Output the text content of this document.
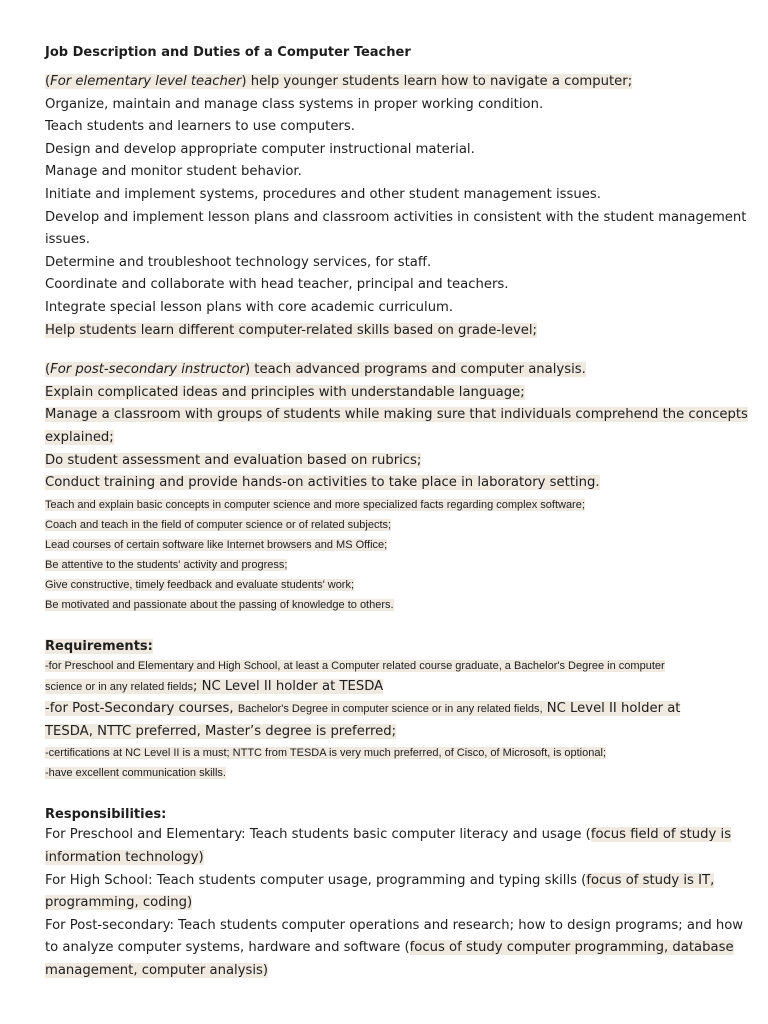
Job Description and Duties of a Computer Teacher
(For elementary level teacher) help younger students learn how to navigate a computer;
Organize, maintain and manage class systems in proper working condition.
Teach students and learners to use computers.
Design and develop appropriate computer instructional material.
Manage and monitor student behavior.
Initiate and implement systems, procedures and other student management issues.
Develop and implement lesson plans and classroom activities in consistent with the student management
issues.
Determine and troubleshoot technology services, for staff.
Coordinate and collaborate with head teacher, principal and teachers.
Integrate special lesson plans with core academic curriculum.
Help students learn different computer-related skills based on grade-level;
(For post-secondary instructor) teach advanced programs and computer analysis.
Explain complicated ideas and principles with understandable language;
Manage a classroom with groups of students while making sure that individuals comprehend the concepts
explained;
Do student assessment and evaluation based on rubrics;
Conduct training and provide hands-on activities to take place in laboratory setting.
Teach and explain basic concepts in computer science and more specialized facts regarding complex software;
Coach and teach in the field of computer science or of related subjects;
Lead courses of certain software like Internet browsers and MS Office;
Be attentive to the students' activity and progress;
Give constructive, timely feedback and evaluate students' work;
Be motivated and passionate about the passing of knowledge to others.
Requirements:
-for Preschool and Elementary and High School, at least a Computer related course graduate, a Bachelor's Degree in computer
science or in any related fields; NC Level II holder at TESDA
-for Post-Secondary courses, Bachelor's Degree in computer science or in any related fields, NC Level II holder at
TESDA, NTTC preferred, Master’s degree is preferred;
-certifications at NC Level II is a must; NTTC from TESDA is very much preferred, of Cisco, of Microsoft, is optional;
-have excellent communication skills.
Responsibilities:
For Preschool and Elementary: Teach students basic computer literacy and usage (focus field of study is
information technology)
For High School: Teach students computer usage, programming and typing skills (focus of study is IT,
programming, coding)
For Post-secondary: Teach students computer operations and research; how to design programs; and how
to analyze computer systems, hardware and software (focus of study computer programming, database
management, computer analysis)
